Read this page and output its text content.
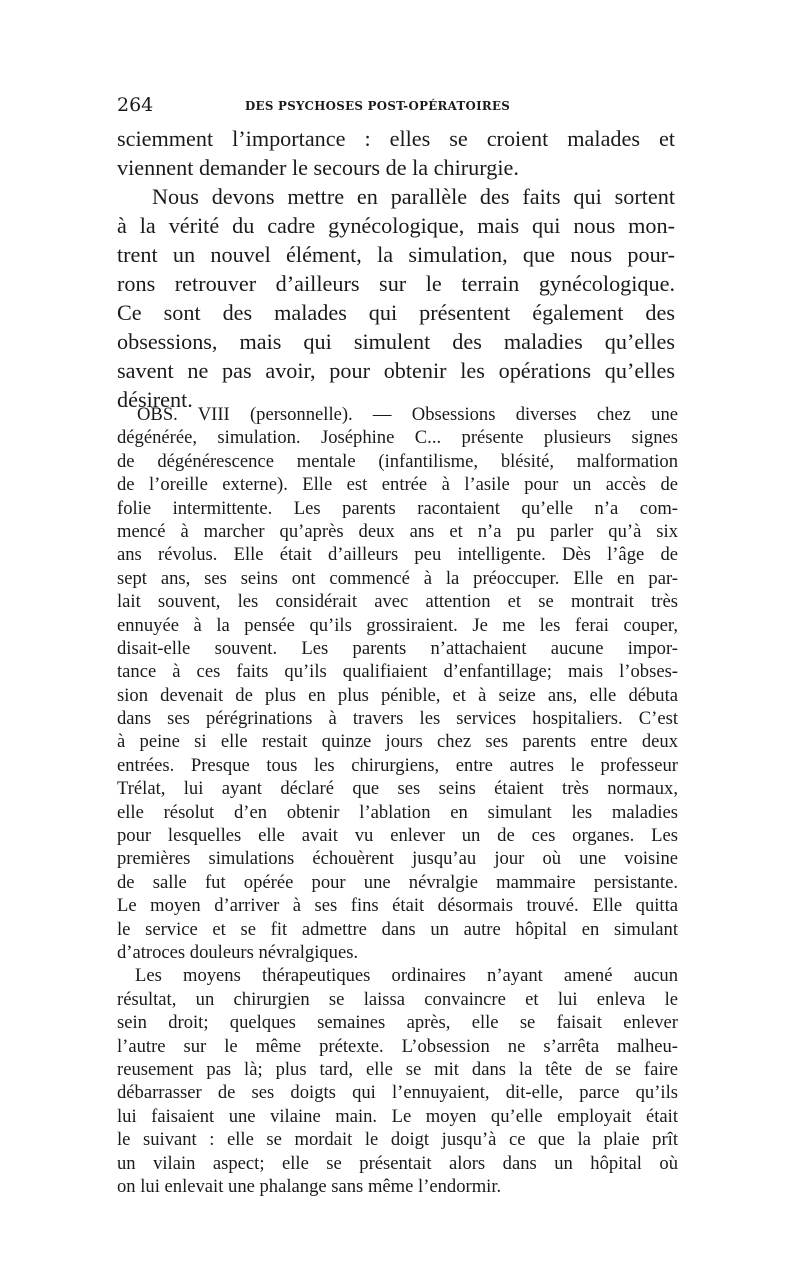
264	DES PSYCHOSES POST-OPÉRATOIRES
sciemment l’importance : elles se croient malades et
viennent demander le secours de la chirurgie.
Nous devons mettre en parallèle des faits qui sortent
à la vérité du cadre gynécologique, mais qui nous mon-
trent un nouvel élément, la simulation, que nous pour-
rons retrouver d’ailleurs sur le terrain gynécologique.
Ce sont des malades qui présentent également des
obsessions, mais qui simulent des maladies qu’elles
savent ne pas avoir, pour obtenir les opérations qu’elles
désirent.
OBS. VIII (personnelle). — Obsessions diverses chez une
dégénérée, simulation. Joséphine C... présente plusieurs signes
de dégénérescence mentale (infantilisme, blésité, malformation
de l’oreille externe). Elle est entrée à l’asile pour un accès de
folie intermittente. Les parents racontaient qu’elle n’a com-
mencé à marcher qu’après deux ans et n’a pu parler qu’à six
ans révolus. Elle était d’ailleurs peu intelligente. Dès l’âge de
sept ans, ses seins ont commencé à la préoccuper. Elle en par-
lait souvent, les considérait avec attention et se montrait très
ennuyée à la pensée qu’ils grossiraient. Je me les ferai couper,
disait-elle souvent. Les parents n’attachaient aucune impor-
tance à ces faits qu’ils qualifiaient d’enfantillage; mais l’obses-
sion devenait de plus en plus pénible, et à seize ans, elle débuta
dans ses pérégrinations à travers les services hospitaliers. C’est
à peine si elle restait quinze jours chez ses parents entre deux
entrées. Presque tous les chirurgiens, entre autres le professeur
Trélat, lui ayant déclaré que ses seins étaient très normaux,
elle résolut d’en obtenir l’ablation en simulant les maladies
pour lesquelles elle avait vu enlever un de ces organes. Les
premières simulations échouèrent jusqu’au jour où une voisine
de salle fut opérée pour une névralgie mammaire persistante.
Le moyen d’arriver à ses fins était désormais trouvé. Elle quitta
le service et se fit admettre dans un autre hôpital en simulant
d’atroces douleurs névralgiques.
Les moyens thérapeutiques ordinaires n’ayant amené aucun
résultat, un chirurgien se laissa convaincre et lui enleva le
sein droit; quelques semaines après, elle se faisait enlever
l’autre sur le même prétexte. L’obsession ne s’arrêta malheu-
reusement pas là; plus tard, elle se mit dans la tête de se faire
débarrasser de ses doigts qui l’ennuyaient, dit-elle, parce qu’ils
lui faisaient une vilaine main. Le moyen qu’elle employait était
le suivant : elle se mordait le doigt jusqu’à ce que la plaie prît
un vilain aspect; elle se présentait alors dans un hôpital où
on lui enlevait une phalange sans même l’endormir.
